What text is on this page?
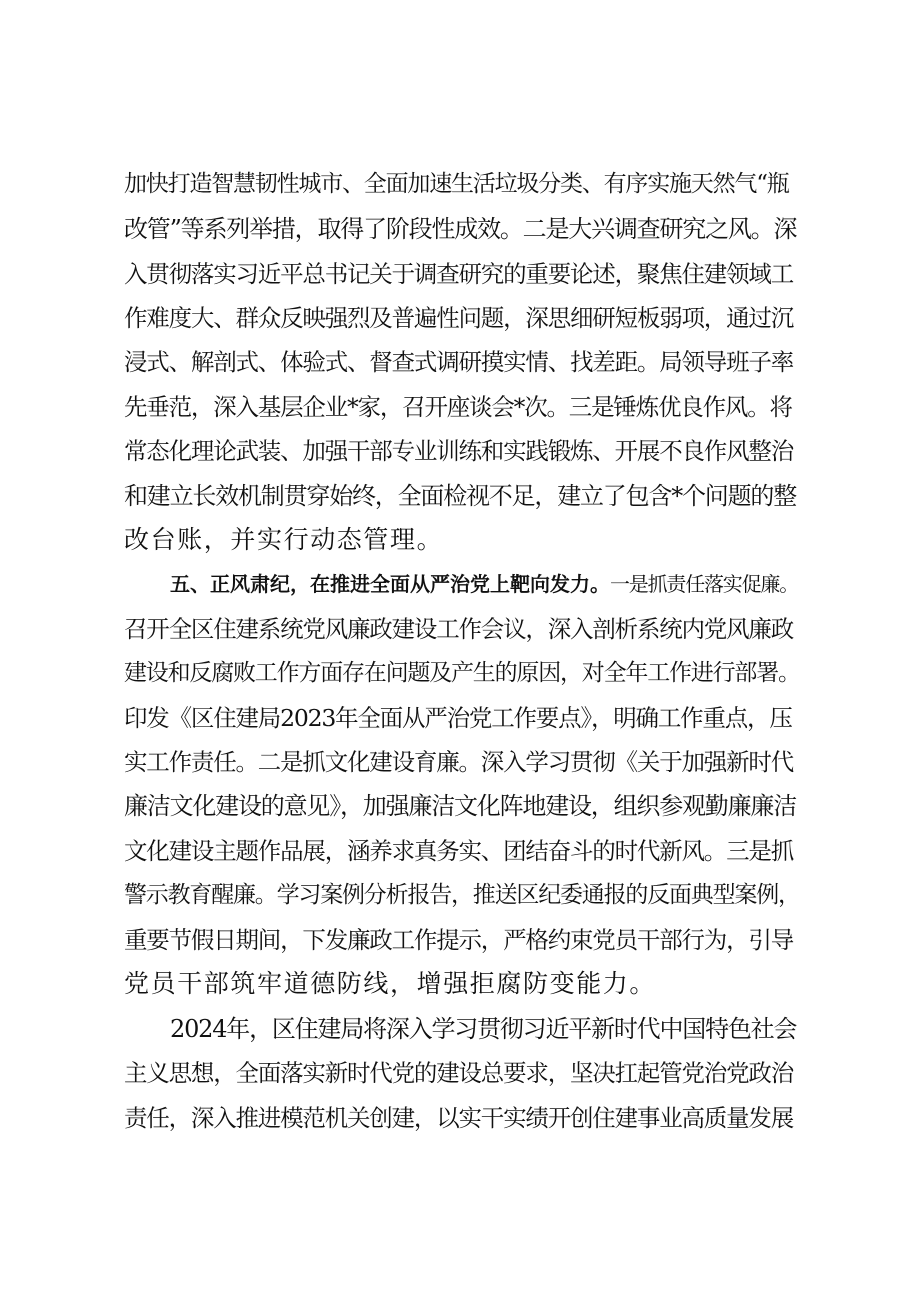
加快打造智慧韧性城市、全面加速生活垃圾分类、有序实施天然气“瓶
改管”等系列举措，取得了阶段性成效。二是大兴调查研究之风。深
入贯彻落实习近平总书记关于调查研究的重要论述，聚焦住建领域工
作难度大、群众反映强烈及普遍性问题，深思细研短板弱项，通过沉
浸式、解剖式、体验式、督查式调研摸实情、找差距。局领导班子率
先垂范，深入基层企业*家，召开座谈会*次。三是锤炼优良作风。将
常态化理论武装、加强干部专业训练和实践锻炼、开展不良作风整治
和建立长效机制贯穿始终，全面检视不足，建立了包含*个问题的整
改台账，并实行动态管理。
五、正风肃纪，在推进全面从严治党上靶向发力。一是抓责任落实促廉。
召开全区住建系统党风廉政建设工作会议，深入剖析系统内党风廉政
建设和反腐败工作方面存在问题及产生的原因，对全年工作进行部署。
印发《区住建局2023年全面从严治党工作要点》，明确工作重点，压
实工作责任。二是抓文化建设育廉。深入学习贯彻《关于加强新时代
廉洁文化建设的意见》，加强廉洁文化阵地建设，组织参观勤廉廉洁
文化建设主题作品展，涵养求真务实、团结奋斗的时代新风。三是抓
警示教育醒廉。学习案例分析报告，推送区纪委通报的反面典型案例，
重要节假日期间，下发廉政工作提示，严格约束党员干部行为，引导
党员干部筑牢道德防线，增强拒腐防变能力。
2024年，区住建局将深入学习贯彻习近平新时代中国特色社会
主义思想，全面落实新时代党的建设总要求，坚决扛起管党治党政治
责任，深入推进模范机关创建，以实干实绩开创住建事业高质量发展
